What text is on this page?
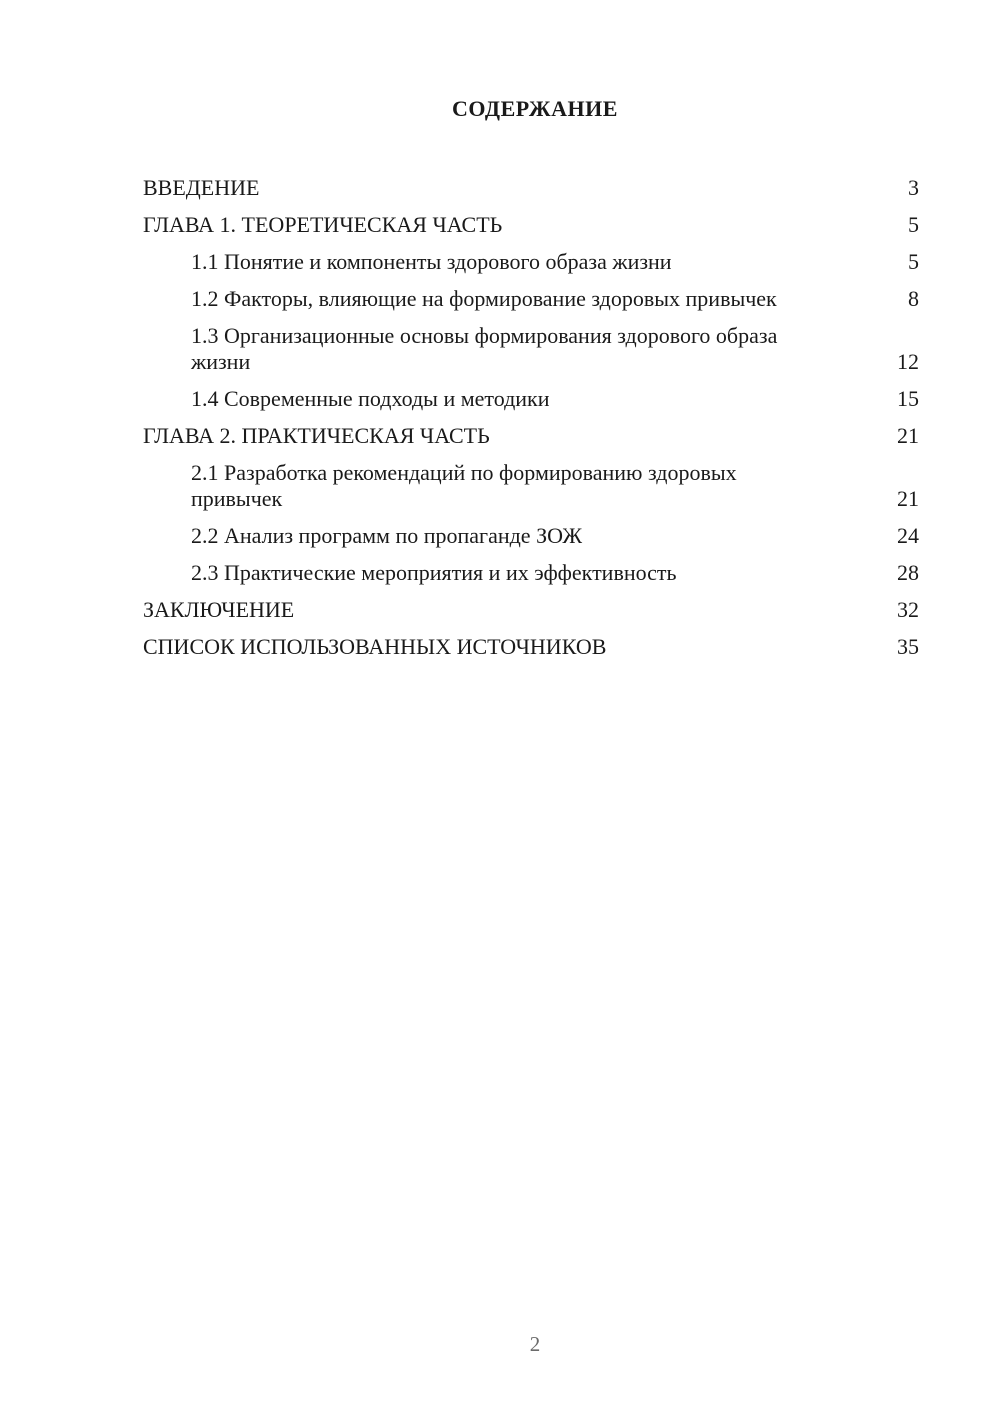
СОДЕРЖАНИЕ
ВВЕДЕНИЕ	3
ГЛАВА 1. ТЕОРЕТИЧЕСКАЯ ЧАСТЬ	5
1.1 Понятие и компоненты здорового образа жизни	5
1.2 Факторы, влияющие на формирование здоровых привычек	8
1.3 Организационные основы формирования здорового образа жизни	12
1.4 Современные подходы и методики	15
ГЛАВА 2. ПРАКТИЧЕСКАЯ ЧАСТЬ	21
2.1 Разработка рекомендаций по формированию здоровых привычек	21
2.2 Анализ программ по пропаганде ЗОЖ	24
2.3 Практические мероприятия и их эффективность	28
ЗАКЛЮЧЕНИЕ	32
СПИСОК ИСПОЛЬЗОВАННЫХ ИСТОЧНИКОВ	35
2
